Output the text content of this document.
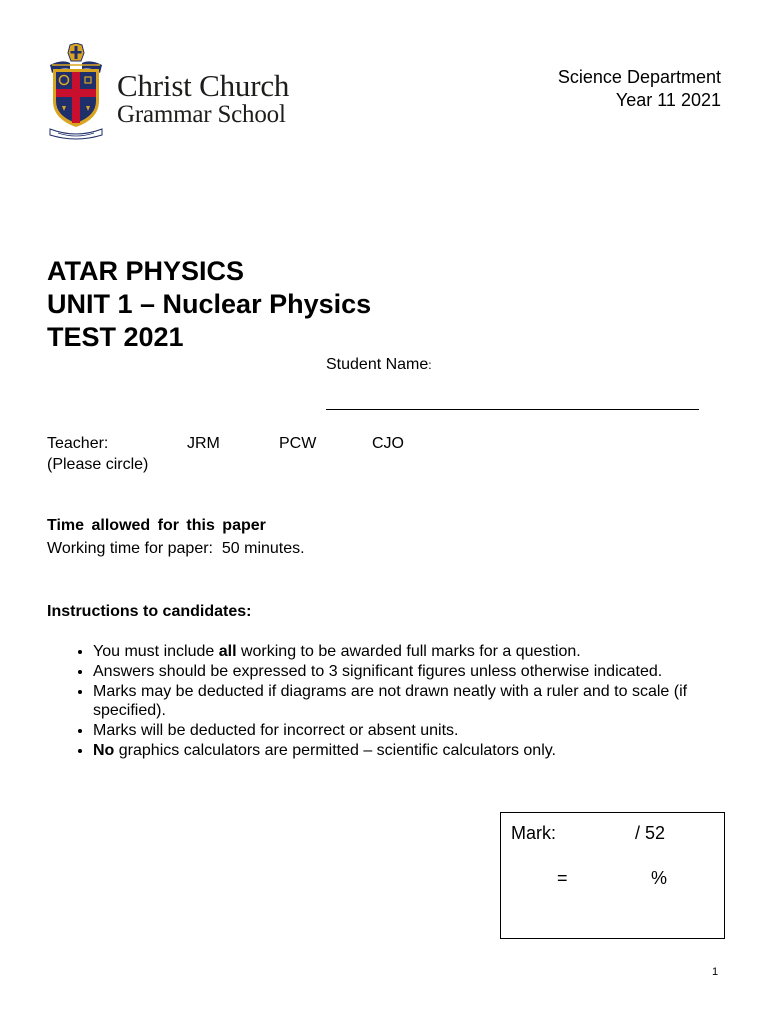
Christ Church
Grammar School
Science Department
Year 11 2021
ATAR PHYSICS
UNIT 1 – Nuclear Physics
TEST 2021
Student Name:
Teacher:	JRM	PCW	CJO
(Please circle)
Time allowed for this paper
Working time for paper:  50 minutes.
Instructions to candidates:
• You must include all working to be awarded full marks for a question.
• Answers should be expressed to 3 significant figures unless otherwise indicated.
• Marks may be deducted if diagrams are not drawn neatly with a ruler and to scale (if specified).
• Marks will be deducted for incorrect or absent units.
• No graphics calculators are permitted – scientific calculators only.
Mark:	/ 52
=	%
1
